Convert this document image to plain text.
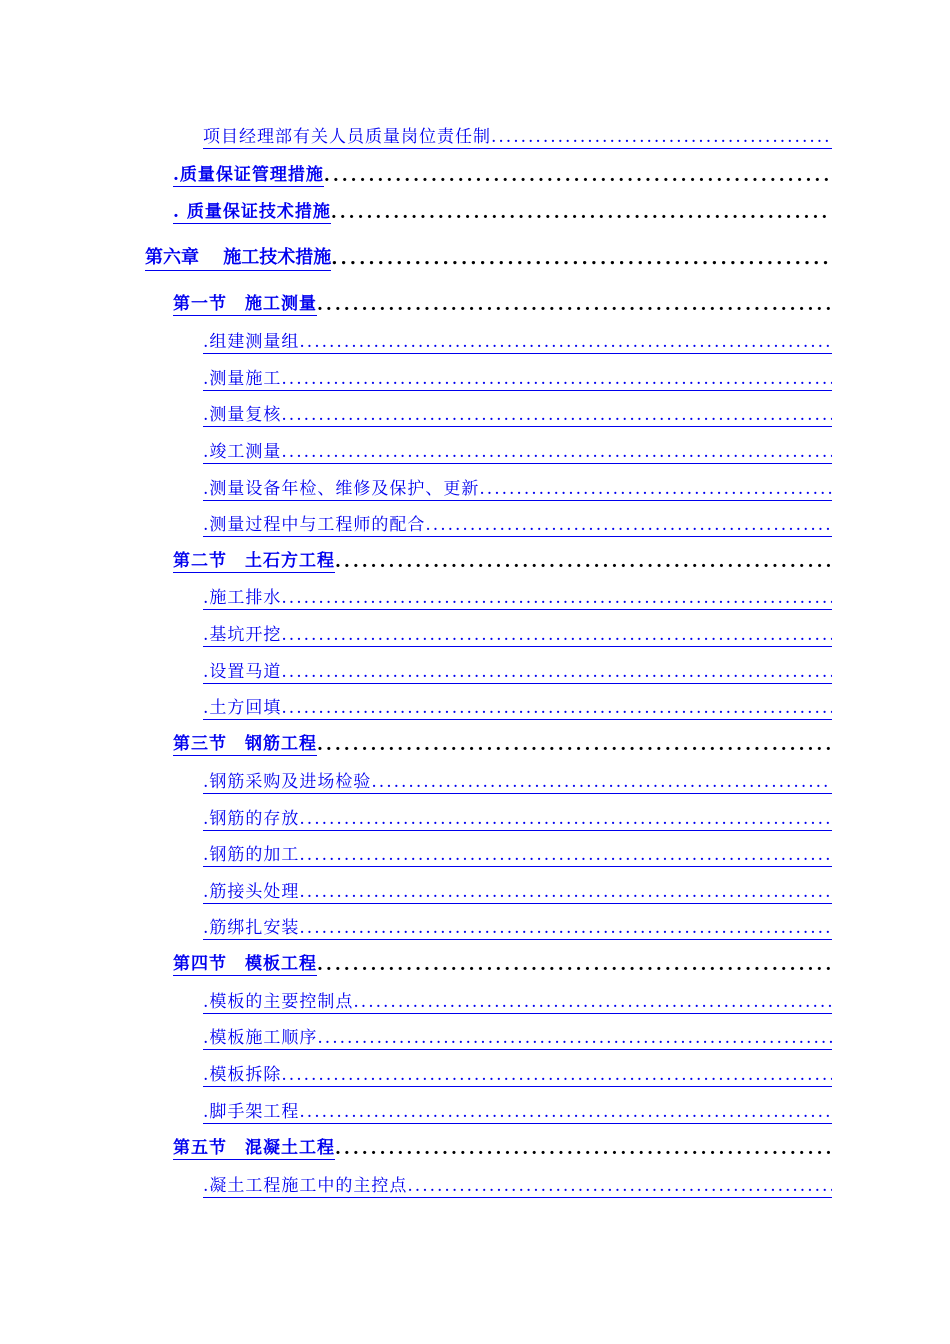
项目经理部有关人员质量岗位责任制
.....
.质量保证管理措施
.....
. 质量保证技术措施
.....
第六章　 施工技术措施
.....
第一节　施工测量
.....
.组建测量组
.....
.测量施工
.....
.测量复核
.....
.竣工测量
.....
.测量设备年检、维修及保护、更新
.....
.测量过程中与工程师的配合
.....
第二节　土石方工程
.....
.施工排水
.....
.基坑开挖
.....
.设置马道
.....
.土方回填
.....
第三节　钢筋工程
.....
.钢筋采购及进场检验
.....
.钢筋的存放
.....
.钢筋的加工
.....
.筋接头处理
.....
.筋绑扎安装
.....
第四节　模板工程
.....
.模板的主要控制点
.....
.模板施工顺序
.....
.模板拆除
.....
.脚手架工程
.....
第五节　混凝土工程
.....
.凝土工程施工中的主控点
.....
